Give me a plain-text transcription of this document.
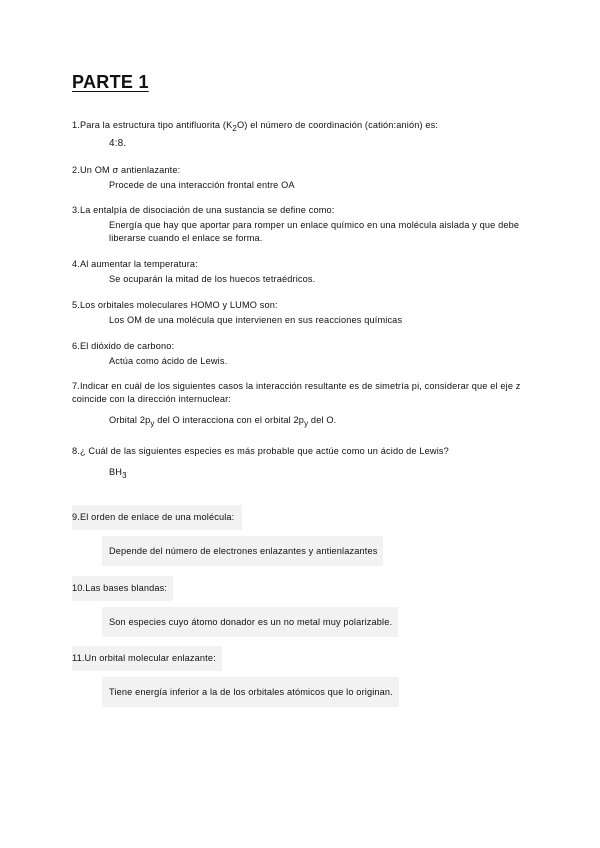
PARTE 1
1.Para la estructura tipo antifluorita $(K_2O)$ el número de coordinación (catión:anión) es:
4:8.
2.Un OM σ antienlazante:
Procede de una interacción frontal entre OA
3.La entalpía de disociación de una sustancia se define como:
Energía que hay que aportar para romper un enlace químico en una molécula aislada y que debe liberarse cuando el enlace se forma.
4.Al aumentar la temperatura:
Se ocuparán la mitad de los huecos tetraédricos.
5.Los orbitales moleculares HOMO y LUMO son:
Los OM de una molécula que intervienen en sus reacciones químicas
6.El dióxido de carbono:
Actúa como ácido de Lewis.
7.Indicar en cuál de los siguientes casos la interacción resultante es de simetría pi, considerar que el eje z coincide con la dirección internuclear:
Orbital $2p_y$ del O interacciona con el orbital $2p_y$ del O.
8.¿ Cuál de las siguientes especies es más probable que actúe como un ácido de Lewis?
$BH_3$
9.El orden de enlace de una molécula:
Depende del número de electrones enlazantes y antienlazantes
10.Las bases blandas:
Son especies cuyo átomo donador es un no metal muy polarizable.
11.Un orbital molecular enlazante:
Tiene energía inferior a la de los orbitales atómicos que lo originan.
